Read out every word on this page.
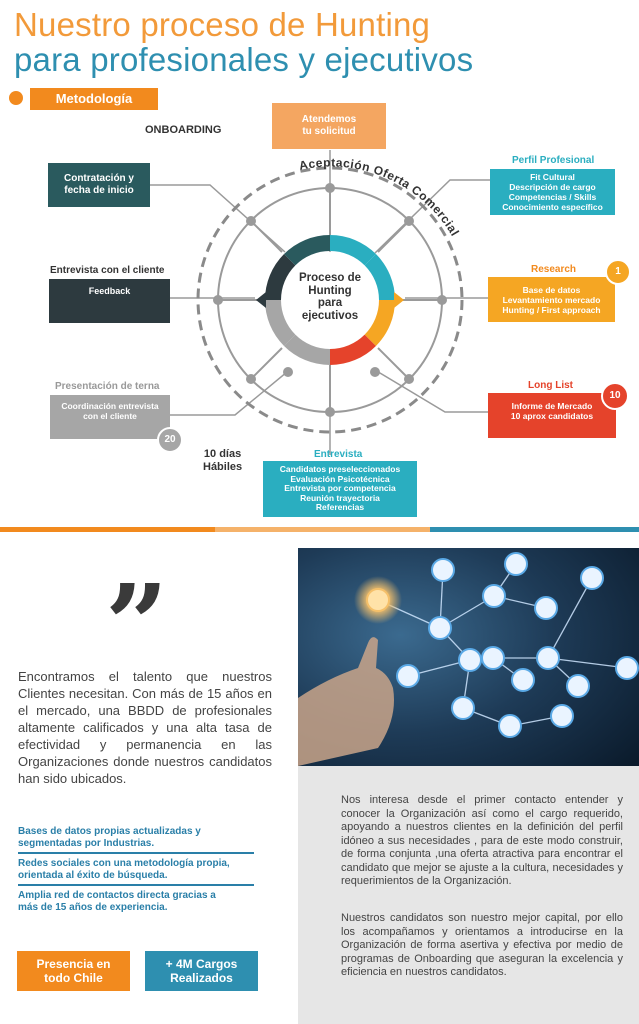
Nuestro proceso de Hunting
para profesionales y ejecutivos
Metodología
Aceptación Oferta Comercial
Proceso de
Hunting
para
ejecutivos
ONBOARDING
Atendemos
tu solicitud
Contratación y
fecha de inicio
Entrevista con el cliente
Feedback
Presentación de terna
Coordinación entrevista
con el cliente
20
10 días
Hábiles
Entrevista
Candidatos preseleccionados
Evaluación Psicotécnica
Entrevista por competencia
Reunión trayectoria
Referencias
Perfil Profesional
Fit Cultural
Descripción de cargo
Competencias / Skills
Conocimiento específico
Research
Base de datos
Levantamiento mercado
Hunting / First approach
1
Long List
Informe de Mercado
10 aprox candidatos
10
”
Encontramos el talento que nuestros Clientes necesitan. Con más de 15 años en el mercado, una BBDD de profesionales altamente calificados y una alta tasa de efectividad y permanencia en las Organizaciones donde nuestros candidatos han sido ubicados.
Bases de datos propias actualizadas y
segmentadas por Industrias.
Redes sociales con una metodología propia,
orientada al éxito de búsqueda.
Amplia red de contactos directa gracias a
más de 15 años de experiencia.
Presencia en
todo Chile
+ 4M Cargos
Realizados
Nos interesa desde el primer contacto entender y conocer la Organización así como el cargo requerido, apoyando a nuestros clientes en la definición del perfil idóneo a sus necesidades , para de este modo construir, de forma conjunta ,una oferta atractiva para encontrar el candidato que mejor se ajuste a la cultura, necesidades y requerimientos de la Organización.
Nuestros candidatos son nuestro mejor capital, por ello los acompañamos y orientamos a introducirse en la Organización de forma asertiva y efectiva por medio de programas de Onboarding que aseguran la excelencia y eficiencia en nuestros candidatos.
